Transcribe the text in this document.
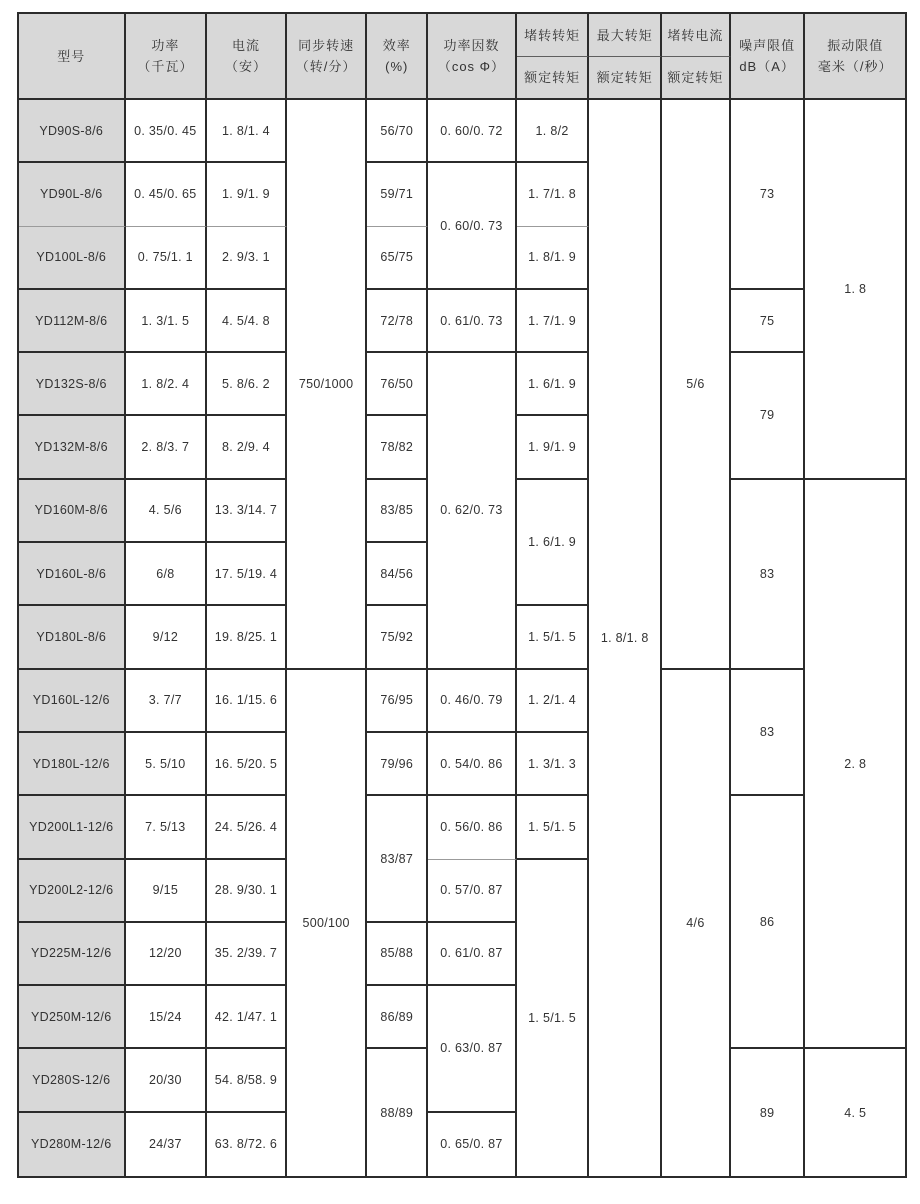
型号
功率
（千瓦）
电流
（安）
同步转速
（转/分）
效率
(%)
功率因数
（cos Φ）
堵转转矩
额定转矩
最大转矩
额定转矩
堵转电流
额定转矩
噪声限值
dB（A）
振动限值
毫米（/秒）
YD90S-8/6
YD90L-8/6
YD100L-8/6
YD112M-8/6
YD132S-8/6
YD132M-8/6
YD160M-8/6
YD160L-8/6
YD180L-8/6
YD160L-12/6
YD180L-12/6
YD200L1-12/6
YD200L2-12/6
YD225M-12/6
YD250M-12/6
YD280S-12/6
YD280M-12/6
0. 35/0. 45
0. 45/0. 65
0. 75/1. 1
1. 3/1. 5
1. 8/2. 4
2. 8/3. 7
4. 5/6
6/8
9/12
3. 7/7
5. 5/10
7. 5/13
9/15
12/20
15/24
20/30
24/37
1. 8/1. 4
1. 9/1. 9
2. 9/3. 1
4. 5/4. 8
5. 8/6. 2
8. 2/9. 4
13. 3/14. 7
17. 5/19. 4
19. 8/25. 1
16. 1/15. 6
16. 5/20. 5
24. 5/26. 4
28. 9/30. 1
35. 2/39. 7
42. 1/47. 1
54. 8/58. 9
63. 8/72. 6
750/1000
500/100
56/70
59/71
65/75
72/78
76/50
78/82
83/85
84/56
75/92
76/95
79/96
83/87
85/88
86/89
88/89
0. 60/0. 72
0. 60/0. 73
0. 61/0. 73
0. 62/0. 73
0. 46/0. 79
0. 54/0. 86
0. 56/0. 86
0. 57/0. 87
0. 61/0. 87
0. 63/0. 87
0. 65/0. 87
1. 8/2
1. 7/1. 8
1. 8/1. 9
1. 7/1. 9
1. 6/1. 9
1. 9/1. 9
1. 6/1. 9
1. 5/1. 5
1. 2/1. 4
1. 3/1. 3
1. 5/1. 5
1. 5/1. 5
1. 8/1. 8
5/6
4/6
73
75
79
83
83
86
89
1. 8
2. 8
4. 5
